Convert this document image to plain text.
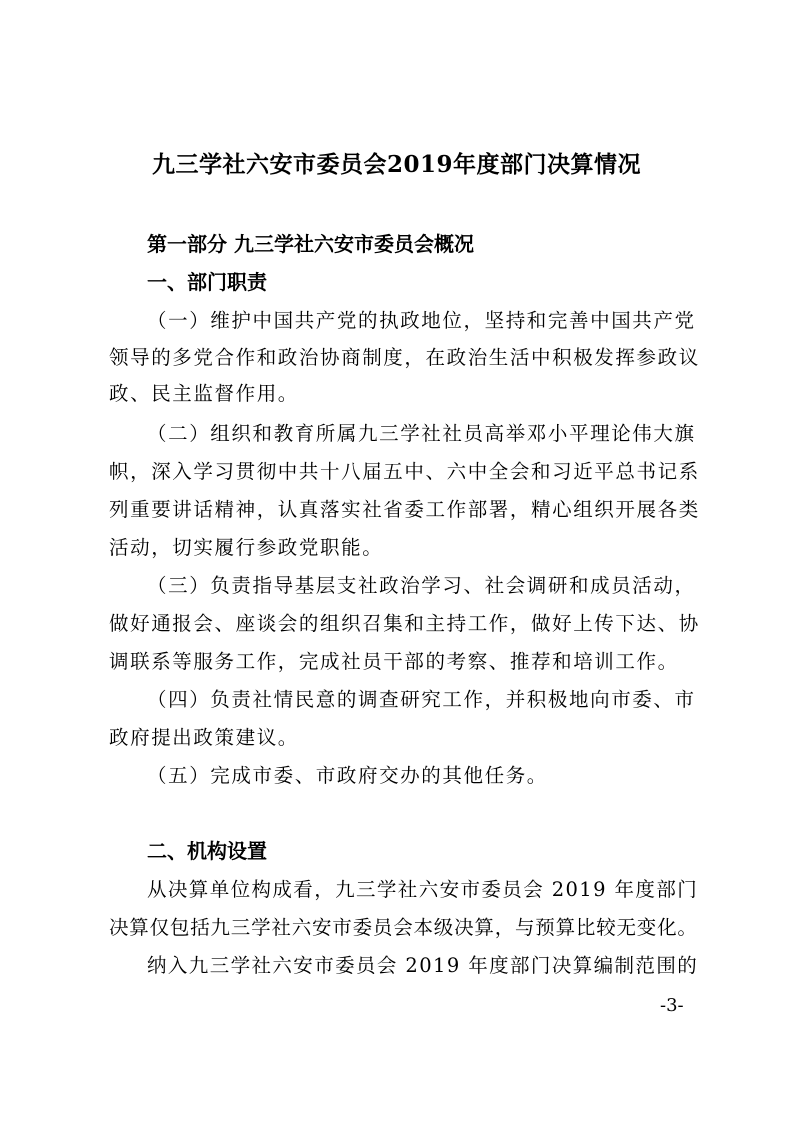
九三学社六安市委员会2019年度部门决算情况
第一部分 九三学社六安市委员会概况
一、部门职责
（一）维护中国共产党的执政地位，坚持和完善中国共产党
领导的多党合作和政治协商制度，在政治生活中积极发挥参政议
政、民主监督作用。
（二）组织和教育所属九三学社社员高举邓小平理论伟大旗
帜，深入学习贯彻中共十八届五中、六中全会和习近平总书记系
列重要讲话精神，认真落实社省委工作部署，精心组织开展各类
活动，切实履行参政党职能。
（三）负责指导基层支社政治学习、社会调研和成员活动，
做好通报会、座谈会的组织召集和主持工作，做好上传下达、协
调联系等服务工作，完成社员干部的考察、推荐和培训工作。
（四）负责社情民意的调查研究工作，并积极地向市委、市
政府提出政策建议。
（五）完成市委、市政府交办的其他任务。
二、机构设置
从决算单位构成看，九三学社六安市委员会 2019 年度部门
决算仅包括九三学社六安市委员会本级决算，与预算比较无变化。
纳入九三学社六安市委员会 2019 年度部门决算编制范围的
-3-
